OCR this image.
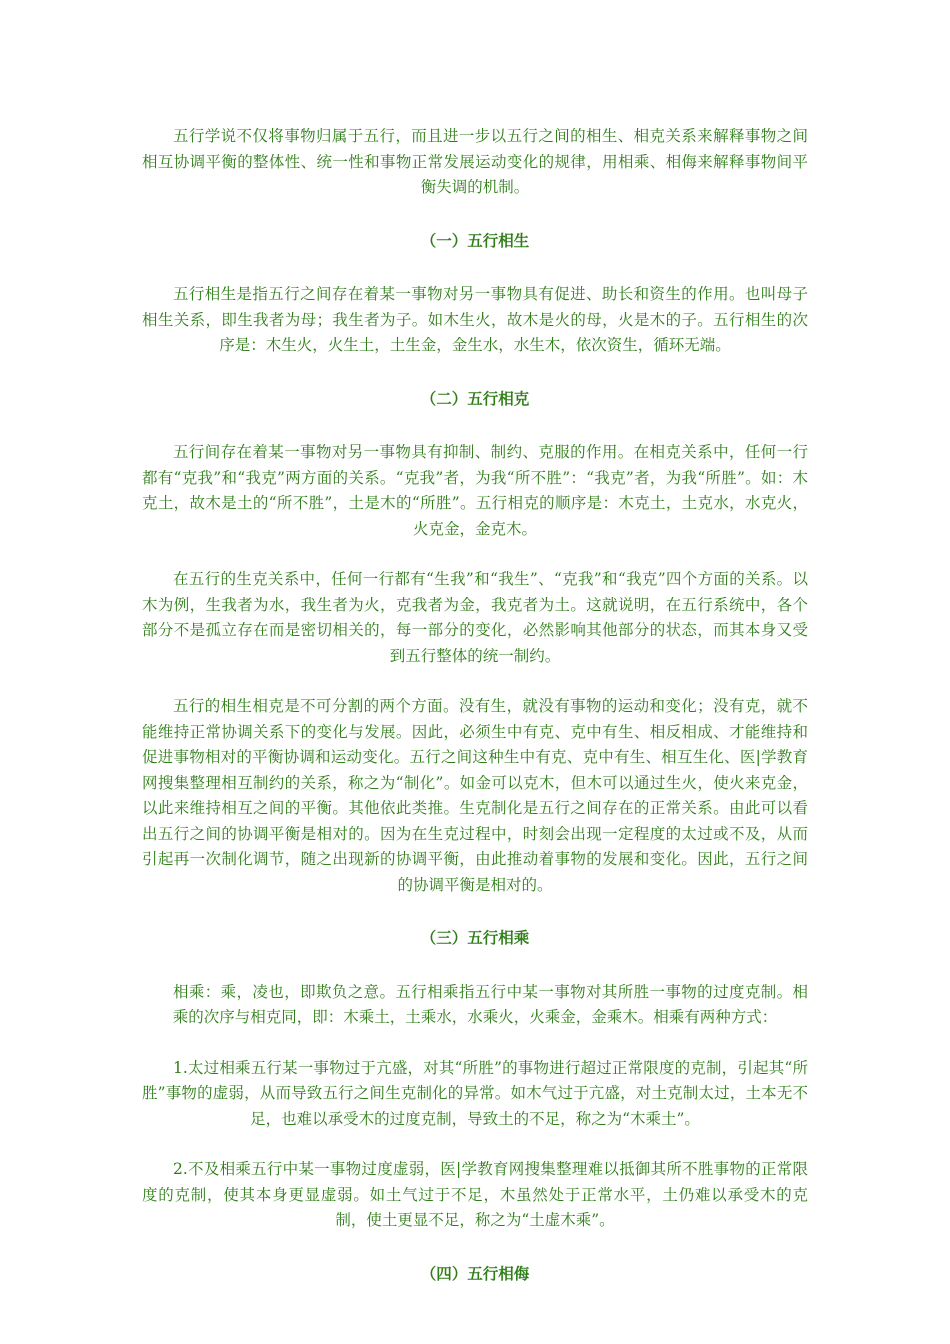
五行学说不仅将事物归属于五行，而且进一步以五行之间的相生、相克关系来解释事物之间相互协调平衡的整体性、统一性和事物正常发展运动变化的规律，用相乘、相侮来解释事物间平衡失调的机制。

（一）五行相生

五行相生是指五行之间存在着某一事物对另一事物具有促进、助长和资生的作用。也叫母子相生关系，即生我者为母；我生者为子。如木生火，故木是火的母，火是木的子。五行相生的次序是：木生火，火生土，土生金，金生水，水生木，依次资生，循环无端。

（二）五行相克

五行间存在着某一事物对另一事物具有抑制、制约、克服的作用。在相克关系中，任何一行都有“克我”和“我克”两方面的关系。“克我”者，为我“所不胜”：“我克”者，为我“所胜”。如：木克土，故木是土的“所不胜”，土是木的“所胜”。五行相克的顺序是：木克土，土克水，水克火，火克金，金克木。

在五行的生克关系中，任何一行都有“生我”和“我生”、“克我”和“我克”四个方面的关系。以木为例，生我者为水，我生者为火，克我者为金，我克者为土。这就说明，在五行系统中，各个部分不是孤立存在而是密切相关的，每一部分的变化，必然影响其他部分的状态，而其本身又受到五行整体的统一制约。

五行的相生相克是不可分割的两个方面。没有生，就没有事物的运动和变化；没有克，就不能维持正常协调关系下的变化与发展。因此，必须生中有克、克中有生、相反相成、才能维持和促进事物相对的平衡协调和运动变化。五行之间这种生中有克、克中有生、相互生化、医|学教育网搜集整理相互制约的关系，称之为“制化”。如金可以克木，但木可以通过生火，使火来克金，以此来维持相互之间的平衡。其他依此类推。生克制化是五行之间存在的正常关系。由此可以看出五行之间的协调平衡是相对的。因为在生克过程中，时刻会出现一定程度的太过或不及，从而引起再一次制化调节，随之出现新的协调平衡，由此推动着事物的发展和变化。因此，五行之间的协调平衡是相对的。

（三）五行相乘

相乘：乘，凌也，即欺负之意。五行相乘指五行中某一事物对其所胜一事物的过度克制。相乘的次序与相克同，即：木乘土，土乘水，水乘火，火乘金，金乘木。相乘有两种方式：

1.太过相乘五行某一事物过于亢盛，对其“所胜”的事物进行超过正常限度的克制，引起其“所胜”事物的虚弱，从而导致五行之间生克制化的异常。如木气过于亢盛，对土克制太过，土本无不足，也难以承受木的过度克制，导致土的不足，称之为“木乘土”。

2.不及相乘五行中某一事物过度虚弱，医|学教育网搜集整理难以抵御其所不胜事物的正常限度的克制，使其本身更显虚弱。如土气过于不足，木虽然处于正常水平，土仍难以承受木的克制，使土更显不足，称之为“土虚木乘”。

（四）五行相侮
